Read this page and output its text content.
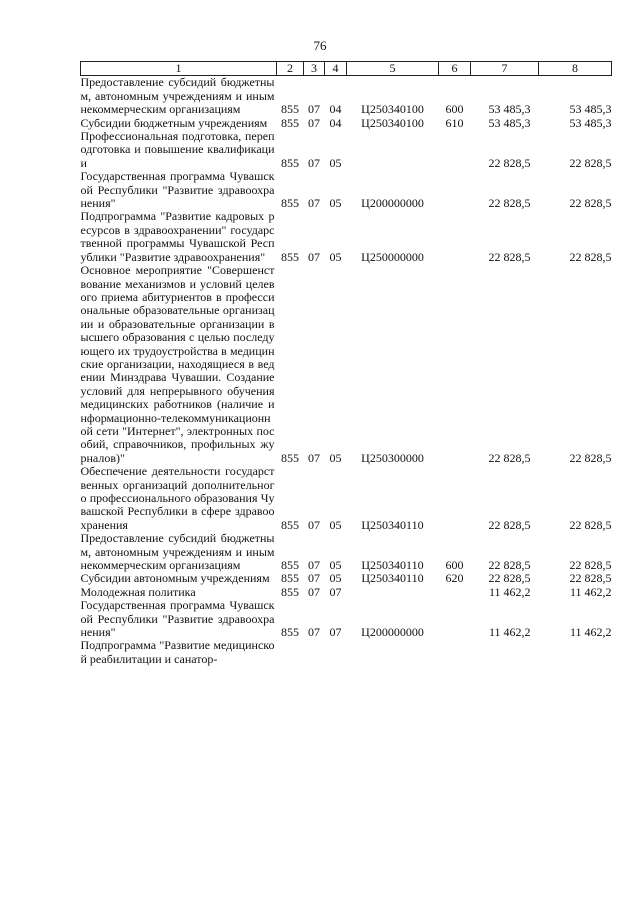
76
1	2	3	4	5	6	7	8
Предоставление субсидий бюджетным, автономным учреждениям и иным некоммерческим организациям	855	07	04	Ц250340100	600	53 485,3	53 485,3
Субсидии бюджетным учреждениям	855	07	04	Ц250340100	610	53 485,3	53 485,3
Профессиональная подготовка, переподготовка и повышение квалификации	855	07	05			22 828,5	22 828,5
Государственная программа Чувашской Республики "Развитие здравоохранения"	855	07	05	Ц200000000		22 828,5	22 828,5
Подпрограмма "Развитие кадровых ресурсов в здравоохранении" государственной программы Чувашской Республики "Развитие здравоохранения"	855	07	05	Ц250000000		22 828,5	22 828,5
Основное мероприятие "Совершенствование механизмов и условий целевого приема абитуриентов в профессиональные образовательные организации и образовательные организации высшего образования с целью последующего их трудоустройства в медицинские организации, находящиеся в ведении Минздрава Чувашии. Создание условий для непрерывного обучения медицинских работников (наличие информационно-телекоммуникационной сети "Интернет", электронных пособий, справочников, профильных журналов)"	855	07	05	Ц250300000		22 828,5	22 828,5
Обеспечение деятельности государственных организаций дополнительного профессионального образования Чувашской Республики в сфере здравоохранения	855	07	05	Ц250340110		22 828,5	22 828,5
Предоставление субсидий бюджетным, автономным учреждениям и иным некоммерческим организациям	855	07	05	Ц250340110	600	22 828,5	22 828,5
Субсидии автономным учреждениям	855	07	05	Ц250340110	620	22 828,5	22 828,5
Молодежная политика	855	07	07			11 462,2	11 462,2
Государственная программа Чувашской Республики "Развитие здравоохранения"	855	07	07	Ц200000000		11 462,2	11 462,2
Подпрограмма "Развитие медицинской реабилитации и санатор-							
